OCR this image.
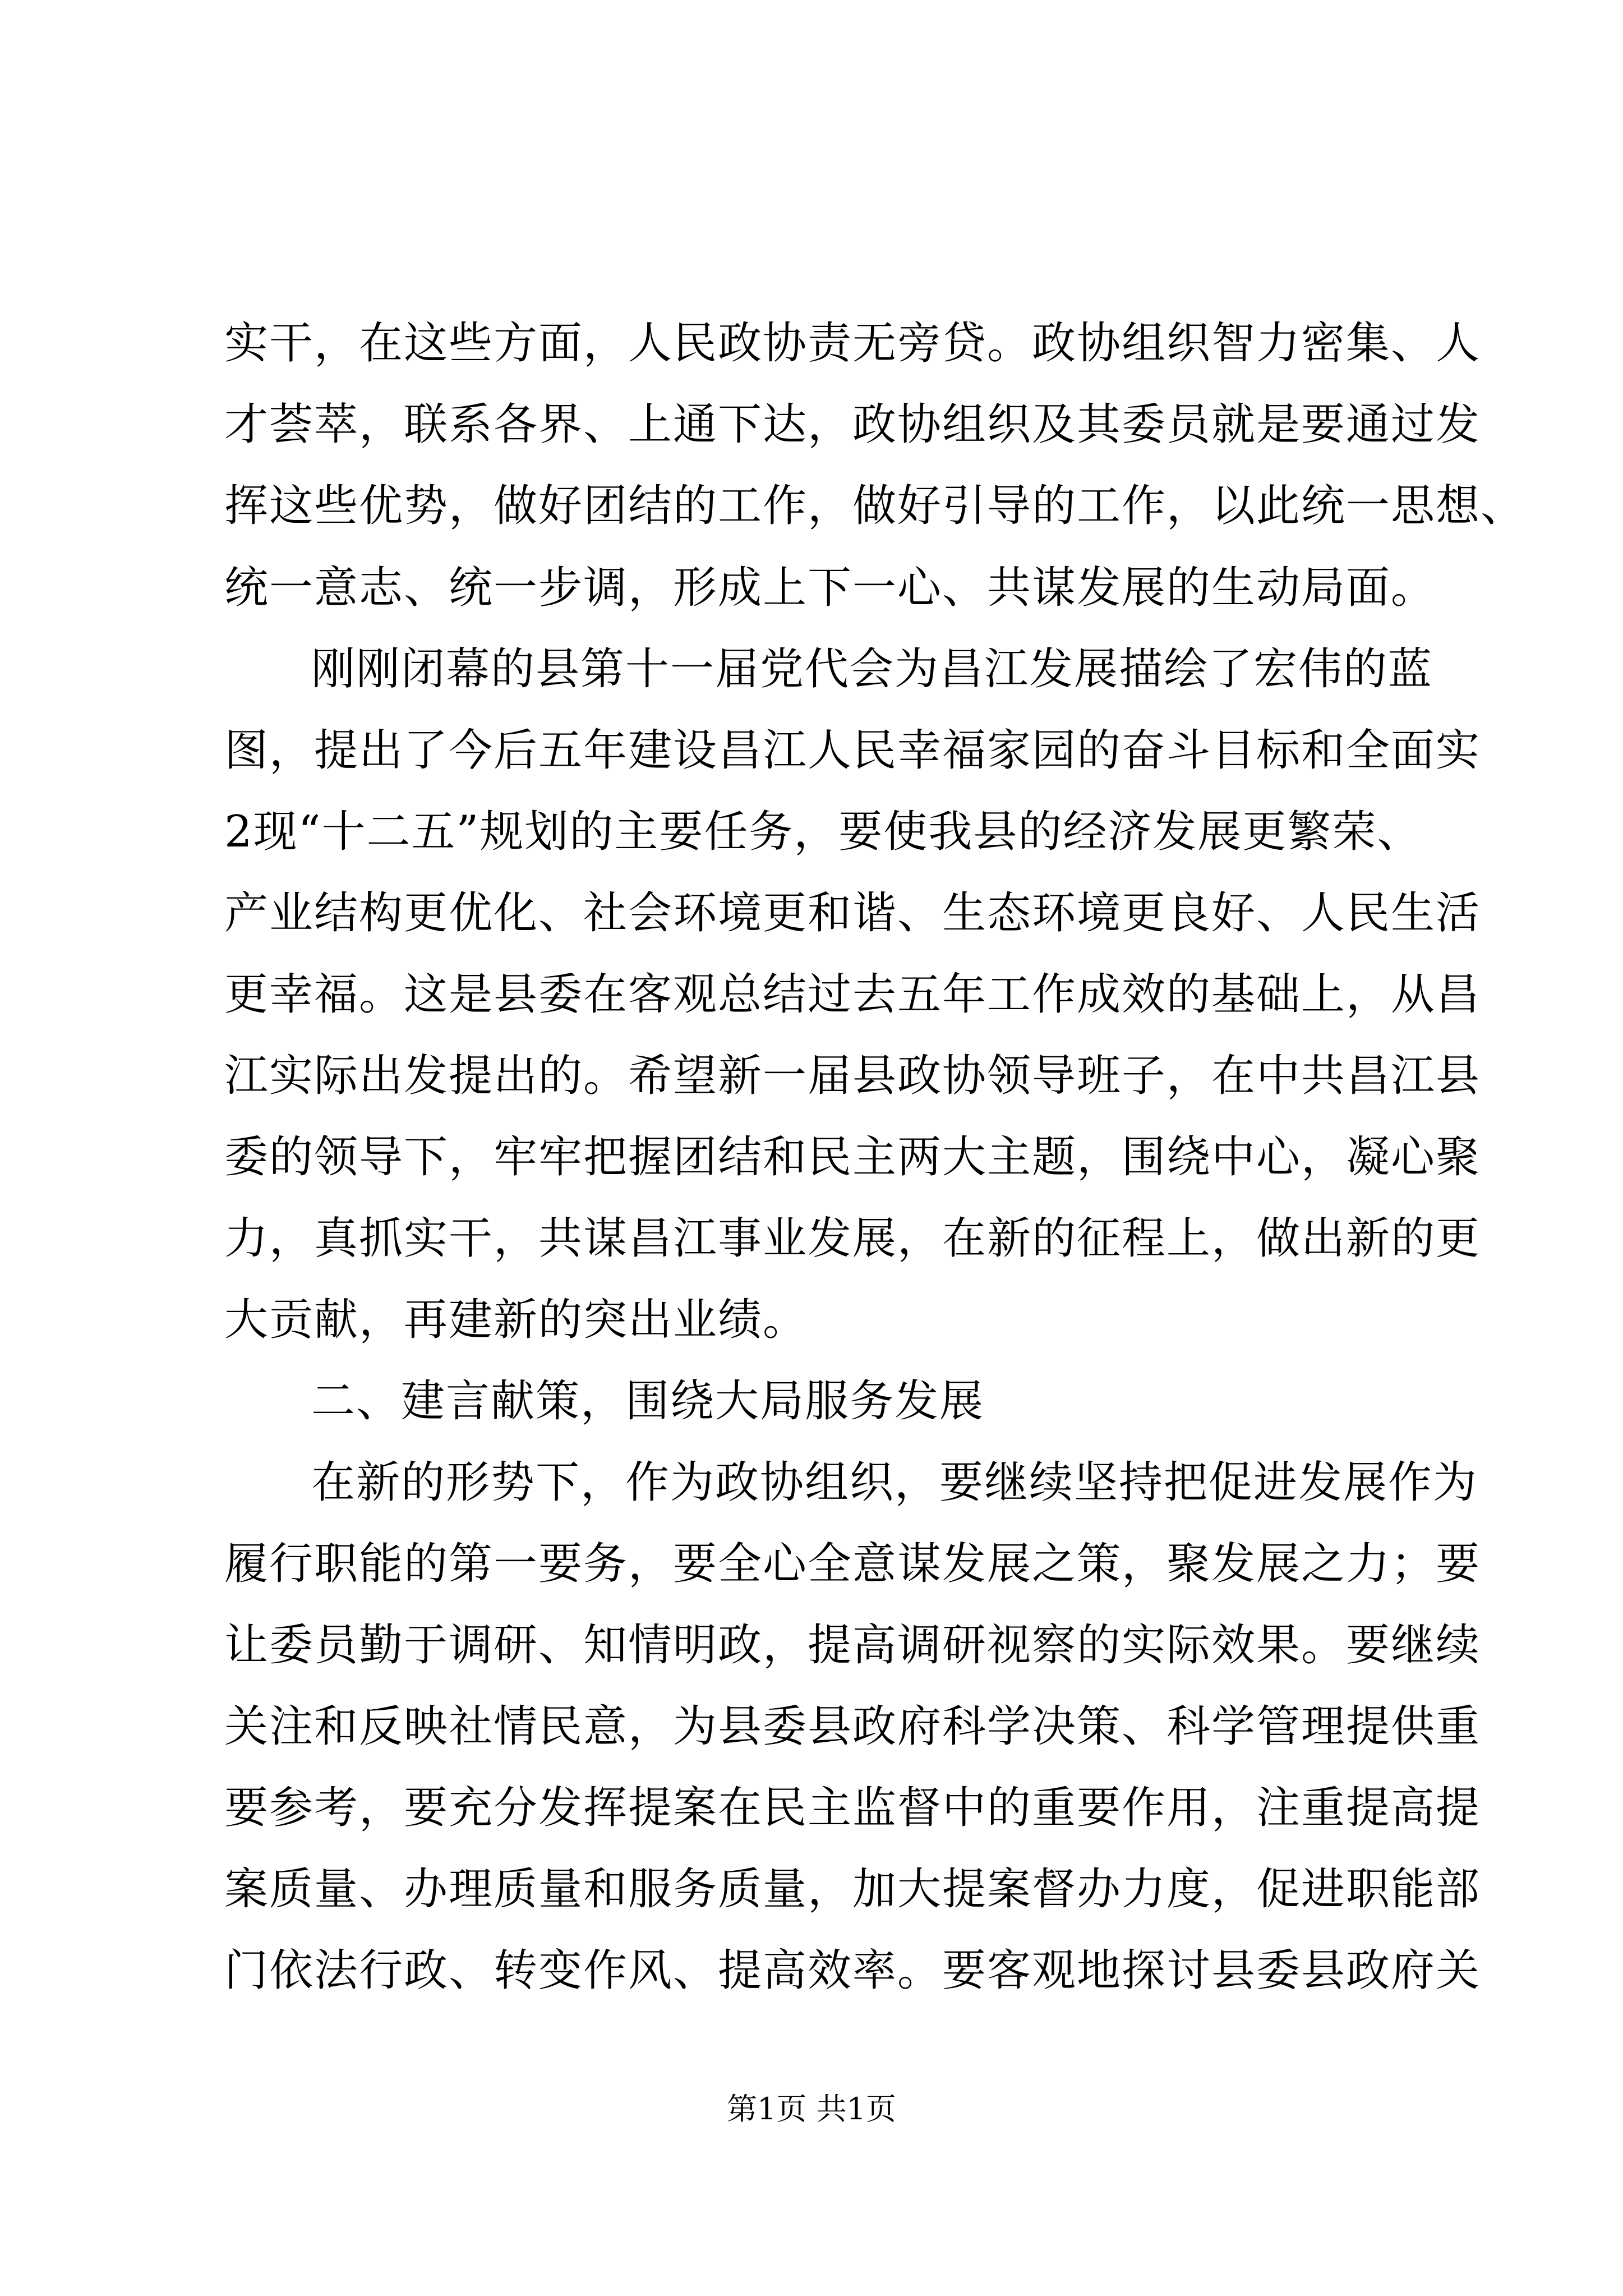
实干，在这些方面，人民政协责无旁贷。政协组织智力密集、人

才荟萃，联系各界、上通下达，政协组织及其委员就是要通过发

挥这些优势，做好团结的工作，做好引导的工作，以此统一思想、

统一意志、统一步调，形成上下一心、共谋发展的生动局面。

刚刚闭幕的县第十一届党代会为昌江发展描绘了宏伟的蓝

图，提出了今后五年建设昌江人民幸福家园的奋斗目标和全面实

2现“十二五”规划的主要任务，要使我县的经济发展更繁荣、

产业结构更优化、社会环境更和谐、生态环境更良好、人民生活

更幸福。这是县委在客观总结过去五年工作成效的基础上，从昌

江实际出发提出的。希望新一届县政协领导班子，在中共昌江县

委的领导下，牢牢把握团结和民主两大主题，围绕中心，凝心聚

力，真抓实干，共谋昌江事业发展，在新的征程上，做出新的更

大贡献，再建新的突出业绩。

二、建言献策，围绕大局服务发展

在新的形势下，作为政协组织，要继续坚持把促进发展作为

履行职能的第一要务，要全心全意谋发展之策，聚发展之力；要

让委员勤于调研、知情明政，提高调研视察的实际效果。要继续

关注和反映社情民意，为县委县政府科学决策、科学管理提供重

要参考，要充分发挥提案在民主监督中的重要作用，注重提高提

案质量、办理质量和服务质量，加大提案督办力度，促进职能部

门依法行政、转变作风、提高效率。要客观地探讨县委县政府关

第1页 共1页
